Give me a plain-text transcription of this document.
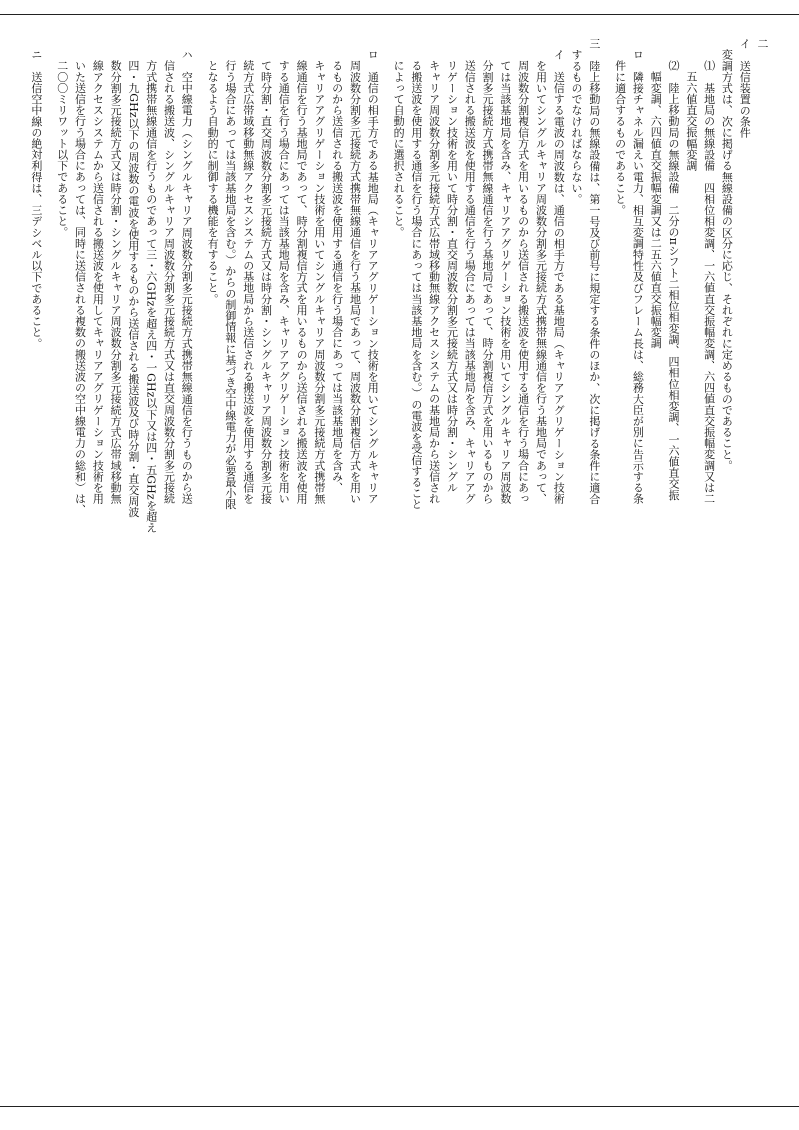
二
イ　送信装置の条件
変調方式は、次に掲げる無線設備の区分に応じ、それぞれに定めるものであること。
⑴　基地局の無線設備　四相位相変調、一六値直交振幅変調、六四値直交振幅変調又は二
五六値直交振幅変調
⑵　陸上移動局の無線設備　二分のπシフト二相位相変調、四相位相変調、一六値直交振
幅変調、六四値直交振幅変調又は二五六値直交振幅変調
ロ　隣接チャネル漏えい電力、相互変調特性及びフレーム長は、総務大臣が別に告示する条
件に適合するものであること。
三　陸上移動局の無線設備は、第一号及び前号に規定する条件のほか、次に掲げる条件に適合
するものでなければならない。
イ　送信する電波の周波数は、通信の相手方である基地局（キャリアアグリゲーション技術
を用いてシングルキャリア周波数分割多元接続方式携帯無線通信を行う基地局であって、
周波数分割複信方式を用いるものから送信される搬送波を使用する通信を行う場合にあっ
ては当該基地局を含み、キャリアアグリゲーション技術を用いてシングルキャリア周波数
分割多元接続方式携帯無線通信を行う基地局であって、時分割複信方式を用いるものから
送信される搬送波を使用する通信を行う場合にあっては当該基地局を含み、キャリアアグ
リゲーション技術を用いて時分割・直交周波数分割多元接続方式又は時分割・シングル
キャリア周波数分割多元接続方式広帯域移動無線アクセスシステムの基地局から送信され
る搬送波を使用する通信を行う場合にあっては当該基地局を含む。）の電波を受信すること
によって自動的に選択されること。
ロ　通信の相手方である基地局（キャリアアグリゲーション技術を用いてシングルキャリア
周波数分割多元接続方式携帯無線通信を行う基地局であって、周波数分割複信方式を用い
るものから送信される搬送波を使用する通信を行う場合にあっては当該基地局を含み、
キャリアアグリゲーション技術を用いてシングルキャリア周波数分割多元接続方式携帯無
線通信を行う基地局であって、時分割複信方式を用いるものから送信される搬送波を使用
する通信を行う場合にあっては当該基地局を含み、キャリアアグリゲーション技術を用い
て時分割・直交周波数分割多元接続方式又は時分割・シングルキャリア周波数分割多元接
続方式広帯域移動無線アクセスシステムの基地局から送信される搬送波を使用する通信を
行う場合にあっては当該基地局を含む。）からの制御情報に基づき空中線電力が必要最小限
となるよう自動的に制御する機能を有すること。
ハ　空中線電力（シングルキャリア周波数分割多元接続方式携帯無線通信を行うものから送
信される搬送波、シングルキャリア周波数分割多元接続方式又は直交周波数分割多元接続
方式携帯無線通信を行うものであって三・六GHzを超え四・一GHz以下又は四・五GHzを超え
四・九GHz以下の周波数の電波を使用するものから送信される搬送波及び時分割・直交周波
数分割多元接続方式又は時分割・シングルキャリア周波数分割多元接続方式広帯域移動無
線アクセスシステムから送信される搬送波を使用してキャリアアグリゲーション技術を用
いた送信を行う場合にあっては、同時に送信される複数の搬送波の空中線電力の総和）は、
二〇〇ミリワット以下であること。
ニ　送信空中線の絶対利得は、三デシベル以下であること。
